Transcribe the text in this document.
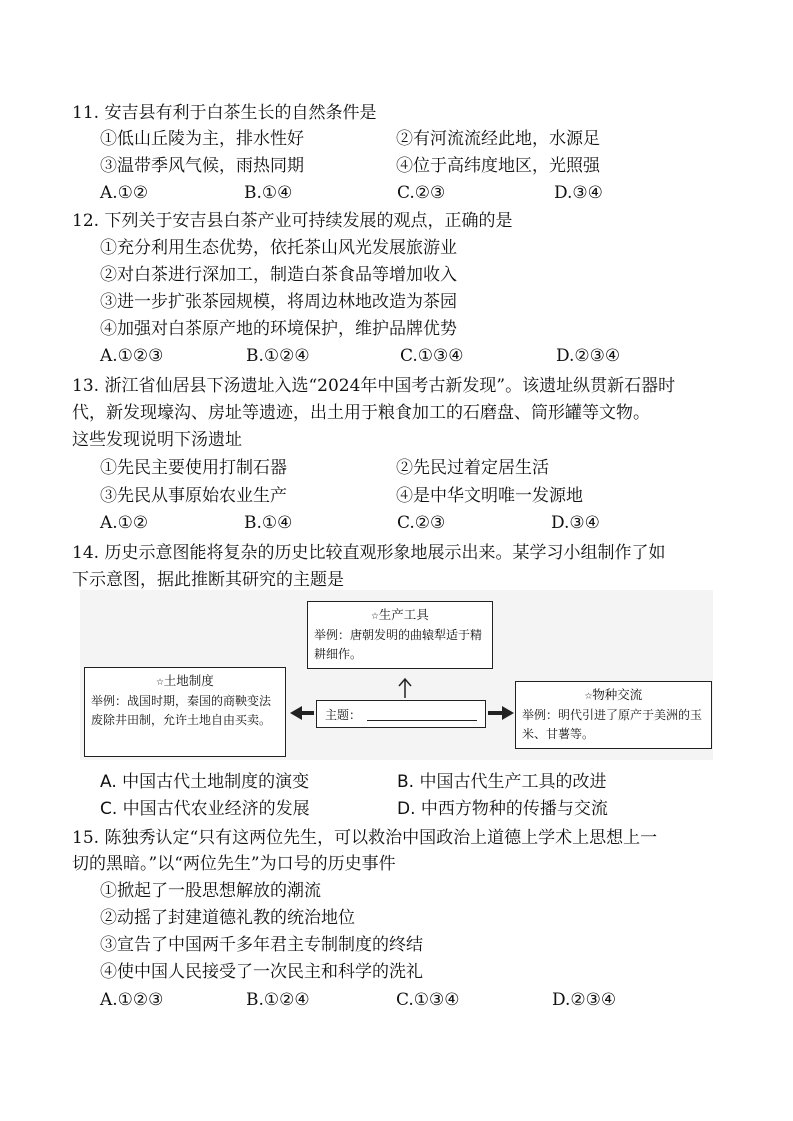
11. 安吉县有利于白茶生长的自然条件是
①低山丘陵为主，排水性好	②有河流流经此地，水源足
③温带季风气候，雨热同期	④位于高纬度地区，光照强
A.①②	B.①④	C.②③	D.③④
12. 下列关于安吉县白茶产业可持续发展的观点，正确的是
①充分利用生态优势，依托茶山风光发展旅游业
②对白茶进行深加工，制造白茶食品等增加收入
③进一步扩张茶园规模，将周边林地改造为茶园
④加强对白茶原产地的环境保护，维护品牌优势
A.①②③	B.①②④	C.①③④	D.②③④
13. 浙江省仙居县下汤遗址入选“2024年中国考古新发现”。该遗址纵贯新石器时
代，新发现壕沟、房址等遗迹，出土用于粮食加工的石磨盘、筒形罐等文物。
这些发现说明下汤遗址
①先民主要使用打制石器	②先民过着定居生活
③先民从事原始农业生产	④是中华文明唯一发源地
A.①②	B.①④	C.②③	D.③④
14. 历史示意图能将复杂的历史比较直观形象地展示出来。某学习小组制作了如
下示意图，据此推断其研究的主题是
☆生产工具
举例：唐朝发明的曲辕犁适于精耕细作。
☆土地制度
举例：战国时期，秦国的商鞅变法废除井田制，允许土地自由买卖。
☆物种交流
举例：明代引进了原产于美洲的玉米、甘薯等。
主题：
A. 中国古代土地制度的演变	B. 中国古代生产工具的改进
C. 中国古代农业经济的发展	D. 中西方物种的传播与交流
15. 陈独秀认定“只有这两位先生，可以救治中国政治上道德上学术上思想上一
切的黑暗。”以“两位先生”为口号的历史事件
①掀起了一股思想解放的潮流
②动摇了封建道德礼教的统治地位
③宣告了中国两千多年君主专制制度的终结
④使中国人民接受了一次民主和科学的洗礼
A.①②③	B.①②④	C.①③④	D.②③④
